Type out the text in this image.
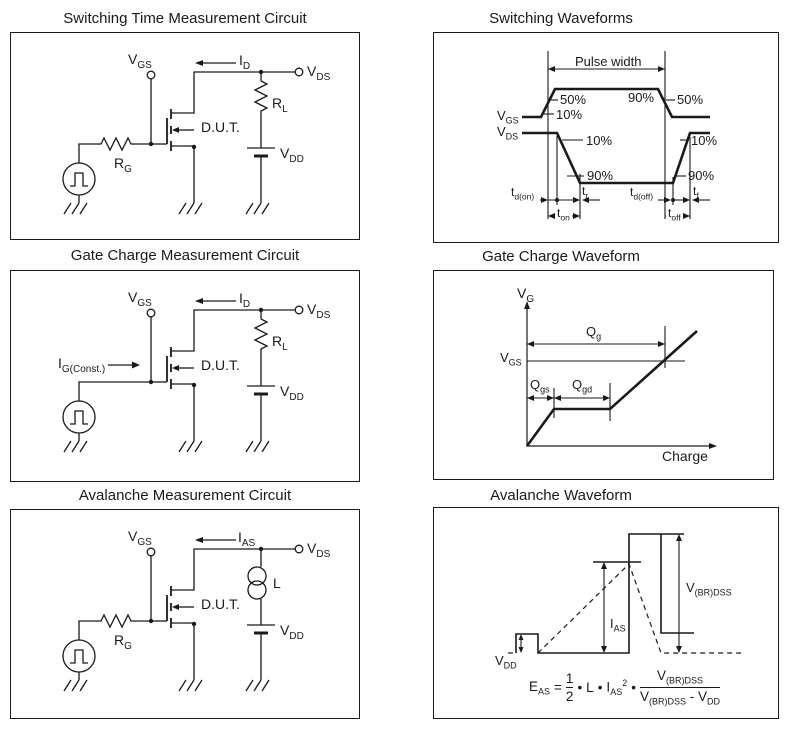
Switching Time Measurement Circuit	Switching Waveforms
Gate Charge Measurement Circuit	Gate Charge Waveform
Avalanche Measurement Circuit	Avalanche Waveform
$V_{GS}$	$I_D$	$V_{DS}$
$R_L$
D.U.T.
$V_{DD}$
$R_G$
Pulse width
$V_{GS}$
$V_{DS}$
50%
10%
90% 50%
10%
90%
10%
90%
$t_{d(on)}$	$t_r$	$t_{d(off)}$	$t_f$
$t_{on}$	$t_{off}$
$V_{GS}$	$I_D$	$V_{DS}$
$R_L$
D.U.T.
$V_{DD}$
$I_{G(Const.)}$
$V_G$
$Q_g$
$V_{GS}$
$Q_{gs}$ $Q_{gd}$
Charge
$V_{GS}$	$I_{AS}$	$V_{DS}$
L
D.U.T.
$V_{DD}$
$R_G$
$V_{DD}$
$I_{AS}$
$V_{(BR)DSS}$
$E_{AS} = \frac{1}{2}$ • L • $I_{AS}^2$ • $\frac{V_{(BR)DSS}}{V_{(BR)DSS} - V_{DD}}$
